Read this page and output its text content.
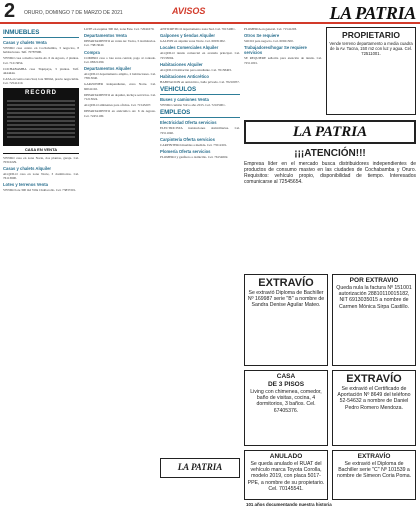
2 ORURO, DOMINGO 7 DE MARZO DE 2021	AVISOS	LA PATRIA
INMUEBLES
Casas y chalets Venta
VENDO casa centro en Cochabamba, 3 negocios, 8 habitaciones. Telf. 70787990.
VENDO casa a media cuadra Av. 6 de Agosto, 2 plantas. Cel. 71213654.
COCHABAMBA casa Tiquipaya, 3 plantas. Telf. 4444444.
CASA en venta zona Sud, lote 300m2, precio negociable. Cel. 72541210.
RECORD
CASA EN VENTA
VENDO casa en zona Norte, dos plantas, garaje. Cel. 70310229.
Casas y chalets Alquiler
ALQUILO casa en zona Norte, 3 dormitorios. Cel. 76113600.
Lotes y terrenos Venta
VENDO lote 300 m2 Villa Challacollo. Cel. 73837201.
LOTE en esquina 300 m2, zona Este. Cel. 72041670.
Departamentos Venta
DEPARTAMENTO en venta Av. Tacna, 3 dormitorios. Cel. 73813040.
Compra
COMPRO casa o lote zona central, pago al contado. Cel. 68321290.
Departamentos Alquiler
ALQUILO departamento amplio, 2 habitaciones. Cel. 73813040.
GARZONIER independiente, zona Norte. Cel. 60041102.
DEPARTAMENTO en alquiler, incluye servicios. Cel. 71213024.
ALQUILO ambientes para oficina. Cel. 71543207.
DEPARTAMENTO en anticrético Av. 6 de Agosto. Cel. 72451100.
ANTICRETICO departamento zona Sud. Cel. 76154001.
Galpones y tiendas Alquiler
GALPON en alquiler zona Norte. Cel. 60031002.
Locales Comerciales Alquiler
ALQUILO tienda comercial en avenida principal. Cel. 72533004.
Habitaciones Alquiler
ALQUILO habitación para estudiante. Cel. 76158403.
Habitaciones Anticrético
HABITACION en anticrético, baño privado. Cel. 70210057.
VEHICULOS
Buses y camiones Venta
VENDO camión Volvo año 2015. Cel. 72105001.
EMPLEOS
Electricidad Oferta servicios
ELECTRICISTA instalaciones domiciliarias. Cel. 72511040.
Carpintería Oferta servicios
CARPINTERO muebles a medida. Cel. 73512201.
Plomería Oferta servicios
PLOMERO y gasfitero a domicilio. Cel. 76154002.
LA PATRIA
PLOMERIA en general. Cel. 71541203.
Otros Se requiere
SOCIO para negocio. Cel. 60021500.
Trabajadores/hogar Se requiere servicios
SE REQUIERE señorita para atención de tienda. Cel. 72511001.
PROPIETARIO
Vende terreno departamento a media cuadra de la Av. Tacna, 150 m2 con luz y agua. Cel. 72511001.
LA PATRIA
¡¡¡ATENCIÓN!!!
Empresa líder en el mercado busca distribuidores independientes de productos de consumo masivo en las ciudades de Cochabamba y Oruro. Requisitos: vehículo propio, disponibilidad de tiempo. Interesados comunicarse al 72545654.
EXTRAVÍO
Se extravió Diploma de Bachiller Nº 169987 serie "B" a nombre de Sandra Denise Aguilar Mateo.
POR EXTRAVIO
Queda nula la factura Nº 151001 autorización 28810110015182, NIT 6913035015 a nombre de Carmen Mónica Sirpa Castillo.
CASA
DE 3 PISOS
Living con chimenea, comedor, baño de visitas, cocina, 4 dormitorios, 3 baños. Cel. 67405376.
EXTRAVÍO
Se extravió el Certificado de Aportación Nº 8649 del teléfono 52-54632 a nombre de Daniel Pedro Romero Mendoza.
ANULADO
Se queda anulado el RUAT del vehículo marca Toyota Corolla, modelo 2019, con placa 5017-PPE, a nombre de su propietario. Cel. 70145541.
EXTRAVÍO
Se extravió el Diploma de Bachiller serie "C" Nº 101539 a nombre de Simeon Coria Poma.
101 años documentando nuestra historia
